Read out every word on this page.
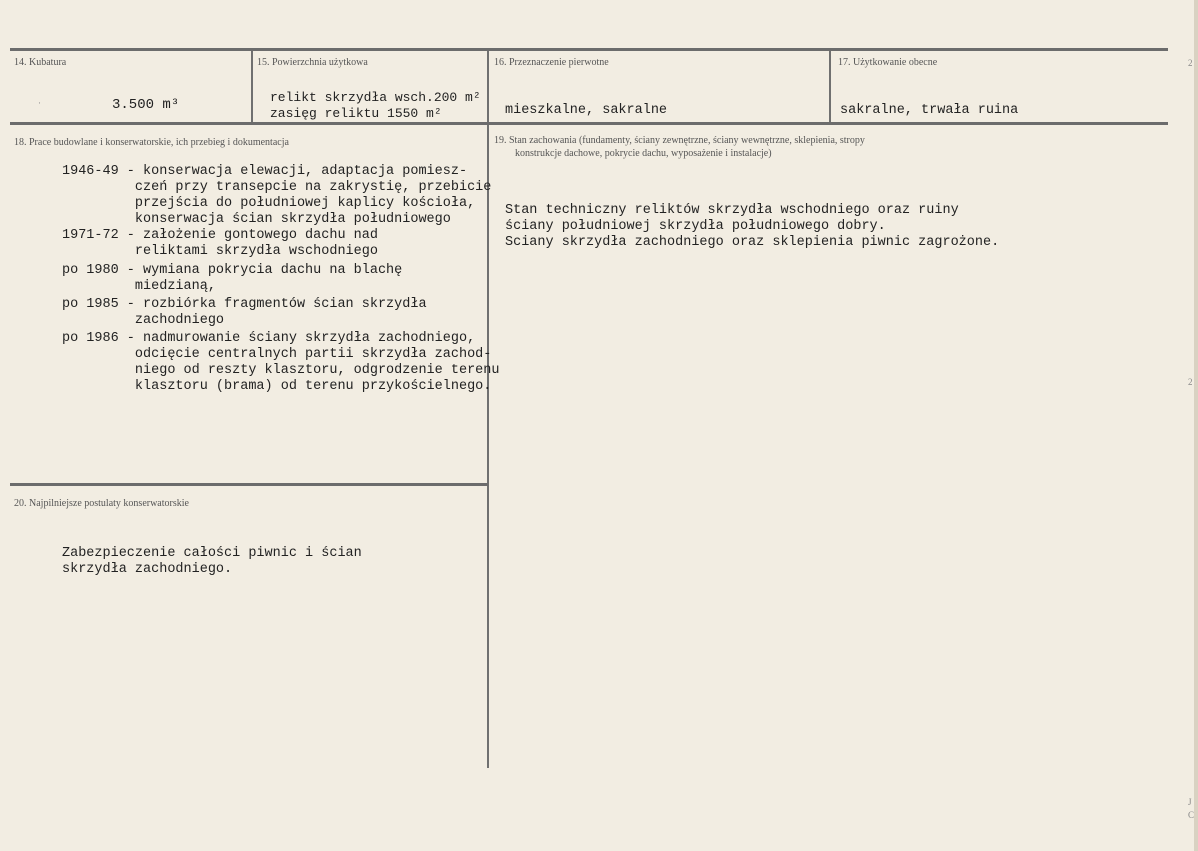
14. Kubatura
3.500 m³
·
15. Powierzchnia użytkowa
relikt skrzydła wsch.200 m²
zasięg reliktu 1550 m²
16. Przeznaczenie pierwotne
mieszkalne, sakralne
17. Użytkowanie obecne
sakralne, trwała ruina
18. Prace budowlane i konserwatorskie, ich przebieg i dokumentacja
1946-49 - konserwacja elewacji, adaptacja pomiesz-
czeń przy transepcie na zakrystię, przebicie
przejścia do południowej kaplicy kościoła,
konserwacja ścian skrzydła południowego
1971-72 - założenie gontowego dachu nad
reliktami skrzydła wschodniego
po 1980 - wymiana pokrycia dachu na blachę
miedzianą,
po 1985 - rozbiórka fragmentów ścian skrzydła
zachodniego
po 1986 - nadmurowanie ściany skrzydła zachodniego,
odcięcie centralnych partii skrzydła zachod-
niego od reszty klasztoru, odgrodzenie terenu
klasztoru (brama) od terenu przykościelnego.
19. Stan zachowania (fundamenty, ściany zewnętrzne, ściany wewnętrzne, sklepienia, stropy
konstrukcje dachowe, pokrycie dachu, wyposażenie i instalacje)
Stan techniczny reliktów skrzydła wschodniego oraz ruiny
ściany południowej skrzydła południowego dobry.
Sciany skrzydła zachodniego oraz sklepienia piwnic zagrożone.
20. Najpilniejsze postulaty konserwatorskie
Zabezpieczenie całości piwnic i ścian
skrzydła zachodniego.
2
2
J
C
